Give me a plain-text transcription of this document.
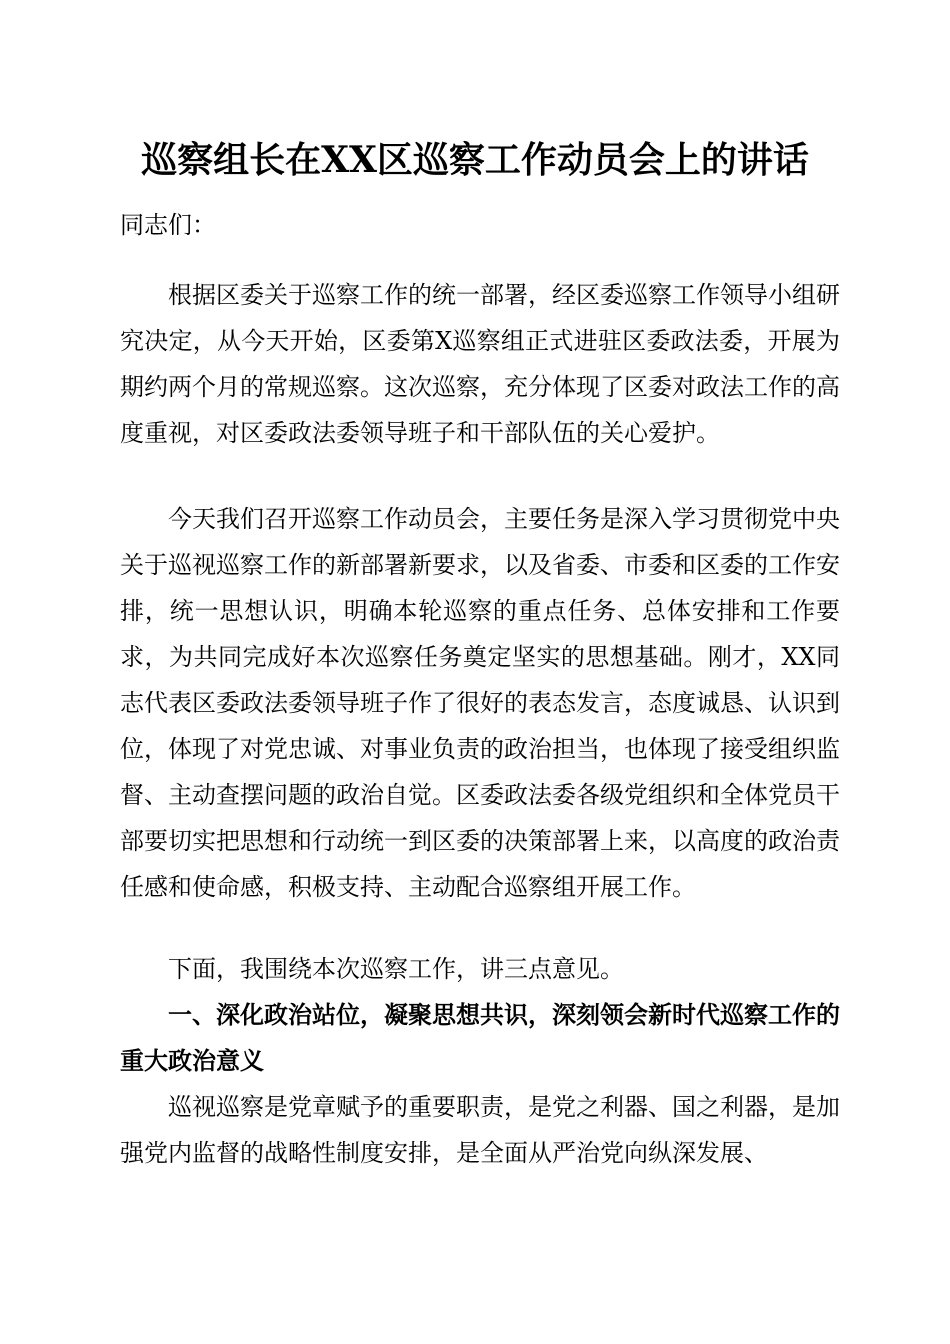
巡察组长在XX区巡察工作动员会上的讲话
同志们：
根据区委关于巡察工作的统一部署，经区委巡察工作领导小组研究决定，从今天开始，区委第X巡察组正式进驻区委政法委，开展为期约两个月的常规巡察。这次巡察，充分体现了区委对政法工作的高度重视，对区委政法委领导班子和干部队伍的关心爱护。
今天我们召开巡察工作动员会，主要任务是深入学习贯彻党中央关于巡视巡察工作的新部署新要求，以及省委、市委和区委的工作安排，统一思想认识，明确本轮巡察的重点任务、总体安排和工作要求，为共同完成好本次巡察任务奠定坚实的思想基础。刚才，XX同志代表区委政法委领导班子作了很好的表态发言，态度诚恳、认识到位，体现了对党忠诚、对事业负责的政治担当，也体现了接受组织监督、主动查摆问题的政治自觉。区委政法委各级党组织和全体党员干部要切实把思想和行动统一到区委的决策部署上来，以高度的政治责任感和使命感，积极支持、主动配合巡察组开展工作。
下面，我围绕本次巡察工作，讲三点意见。
一、深化政治站位，凝聚思想共识，深刻领会新时代巡察工作的重大政治意义
巡视巡察是党章赋予的重要职责，是党之利器、国之利器，是加强党内监督的战略性制度安排，是全面从严治党向纵深发展、
